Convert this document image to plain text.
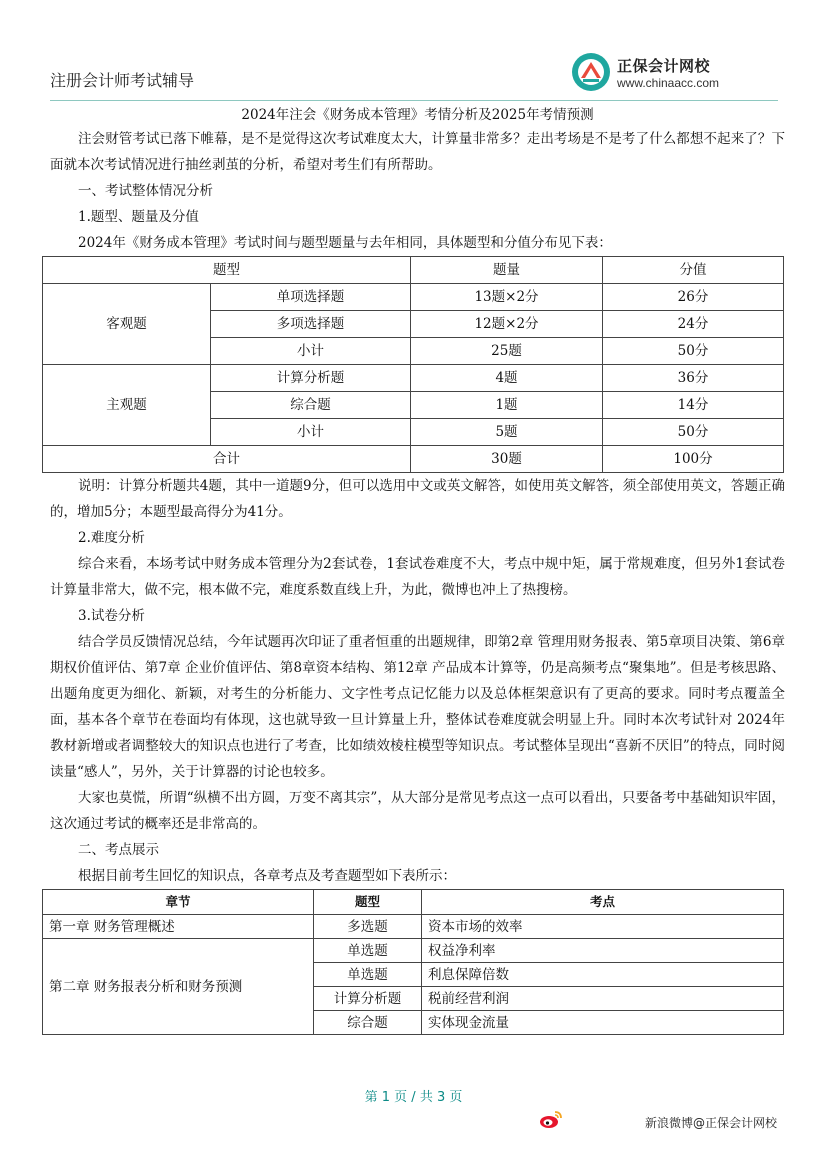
注册会计师考试辅导
正保会计网校
www.chinaacc.com
2024年注会《财务成本管理》考情分析及2025年考情预测

注会财管考试已落下帷幕，是不是觉得这次考试难度太大，计算量非常多？走出考场是不是考了什么都想不起来了？下面就本次考试情况进行抽丝剥茧的分析，希望对考生们有所帮助。

一、考试整体情况分析
1.题型、题量及分值
2024年《财务成本管理》考试时间与题型题量与去年相同，具体题型和分值分布见下表：
题型		题量	分值
客观题	单项选择题	13题×2分	26分
	多项选择题	12题×2分	24分
	小计	25题	50分
主观题	计算分析题	4题	36分
	综合题	1题	14分
	小计	5题	50分
合计		30题	100分

说明：计算分析题共4题，其中一道题9分，但可以选用中文或英文解答，如使用英文解答，须全部使用英文，答题正确的，增加5分；本题型最高得分为41分。

2.难度分析

综合来看，本场考试中财务成本管理分为2套试卷，1套试卷难度不大，考点中规中矩，属于常规难度，但另外1套试卷计算量非常大，做不完，根本做不完，难度系数直线上升，为此，微博也冲上了热搜榜。

3.试卷分析

结合学员反馈情况总结，今年试题再次印证了重者恒重的出题规律，即第2章 管理用财务报表、第5章项目决策、第6章 期权价值评估、第7章 企业价值评估、第8章资本结构、第12章 产品成本计算等，仍是高频考点“聚集地”。但是考核思路、出题角度更为细化、新颖，对考生的分析能力、文字性考点记忆能力以及总体框架意识有了更高的要求。同时考点覆盖全面，基本各个章节在卷面均有体现，这也就导致一旦计算量上升，整体试卷难度就会明显上升。同时本次考试针对 2024年教材新增或者调整较大的知识点也进行了考查，比如绩效棱柱模型等知识点。考试整体呈现出“喜新不厌旧”的特点，同时阅读量“感人”，另外，关于计算器的讨论也较多。

大家也莫慌，所谓“纵横不出方圆，万变不离其宗”，从大部分是常见考点这一点可以看出，只要备考中基础知识牢固，这次通过考试的概率还是非常高的。

二、考点展示
根据目前考生回忆的知识点，各章考点及考查题型如下表所示：
章节	题型	考点
第一章 财务管理概述	多选题	资本市场的效率
第二章 财务报表分析和财务预测	单选题	权益净利率
	单选题	利息保障倍数
	计算分析题	税前经营利润
	综合题	实体现金流量
第 1 页 / 共 3 页
新浪微博@正保会计网校
